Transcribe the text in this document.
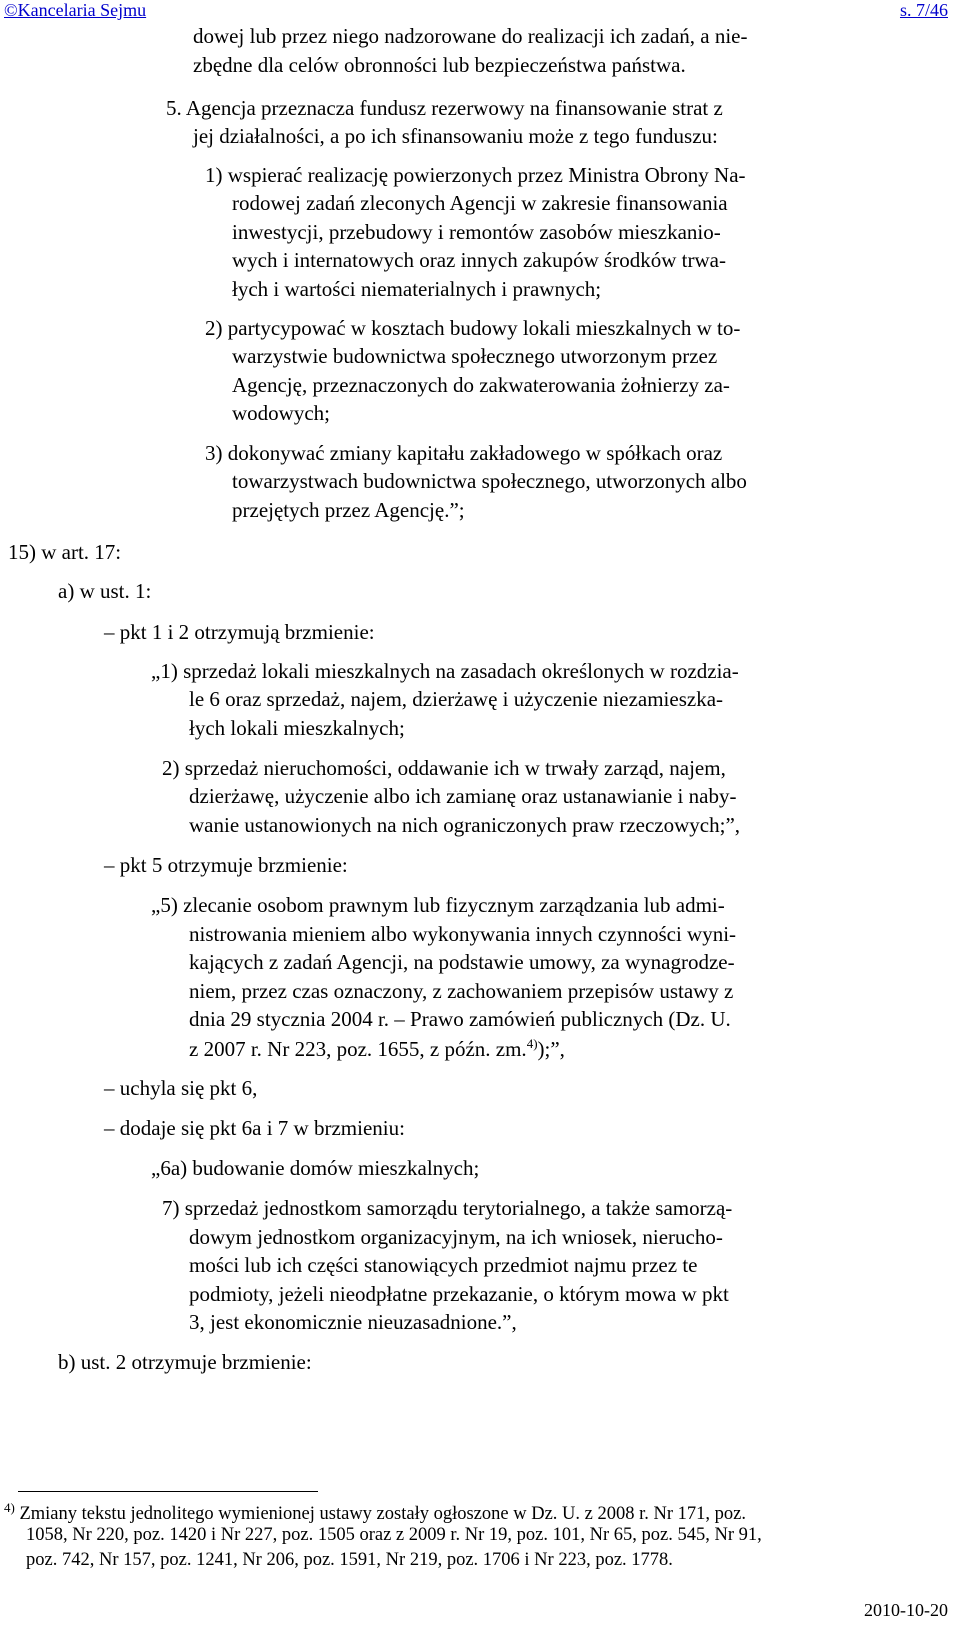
©Kancelaria Sejmu	s. 7/46
dowej lub przez niego nadzorowane do realizacji ich zadań, a nie-
zbędne dla celów obronności lub bezpieczeństwa państwa.
5. Agencja przeznacza fundusz rezerwowy na finansowanie strat z
jej działalności, a po ich sfinansowaniu może z tego funduszu:
1) wspierać realizację powierzonych przez Ministra Obrony Na-
rodowej zadań zleconych Agencji w zakresie finansowania
inwestycji, przebudowy i remontów zasobów mieszkanio-
wych i internatowych oraz innych zakupów środków trwa-
łych i wartości niematerialnych i prawnych;
2) partycypować w kosztach budowy lokali mieszkalnych w to-
warzystwie budownictwa społecznego utworzonym przez
Agencję, przeznaczonych do zakwaterowania żołnierzy za-
wodowych;
3) dokonywać zmiany kapitału zakładowego w spółkach oraz
towarzystwach budownictwa społecznego, utworzonych albo
przejętych przez Agencję.”;
15) w art. 17:
a) w ust. 1:
– pkt 1 i 2 otrzymują brzmienie:
„1) sprzedaż lokali mieszkalnych na zasadach określonych w rozdzia-
le 6 oraz sprzedaż, najem, dzierżawę i użyczenie niezamieszka-
łych lokali mieszkalnych;
2) sprzedaż nieruchomości, oddawanie ich w trwały zarząd, najem,
dzierżawę, użyczenie albo ich zamianę oraz ustanawianie i naby-
wanie ustanowionych na nich ograniczonych praw rzeczowych;”,
– pkt 5 otrzymuje brzmienie:
„5) zlecanie osobom prawnym lub fizycznym zarządzania lub admi-
nistrowania mieniem albo wykonywania innych czynności wyni-
kających z zadań Agencji, na podstawie umowy, za wynagrodze-
niem, przez czas oznaczony, z zachowaniem przepisów ustawy z
dnia 29 stycznia 2004 r. – Prawo zamówień publicznych (Dz. U.
z 2007 r. Nr 223, poz. 1655, z późn. zm.$^{4)}$);”,
– uchyla się pkt 6,
– dodaje się pkt 6a i 7 w brzmieniu:
„6a) budowanie domów mieszkalnych;
7) sprzedaż jednostkom samorządu terytorialnego, a także samorzą-
dowym jednostkom organizacyjnym, na ich wniosek, nierucho-
mości lub ich części stanowiących przedmiot najmu przez te
podmioty, jeżeli nieodpłatne przekazanie, o którym mowa w pkt
3, jest ekonomicznie nieuzasadnione.”,
b) ust. 2 otrzymuje brzmienie:
$^{4)}$ Zmiany tekstu jednolitego wymienionej ustawy zostały ogłoszone w Dz. U. z 2008 r. Nr 171, poz.
1058, Nr 220, poz. 1420 i Nr 227, poz. 1505 oraz z 2009 r. Nr 19, poz. 101, Nr 65, poz. 545, Nr 91,
poz. 742, Nr 157, poz. 1241, Nr 206, poz. 1591, Nr 219, poz. 1706 i Nr 223, poz. 1778.
2010-10-20
